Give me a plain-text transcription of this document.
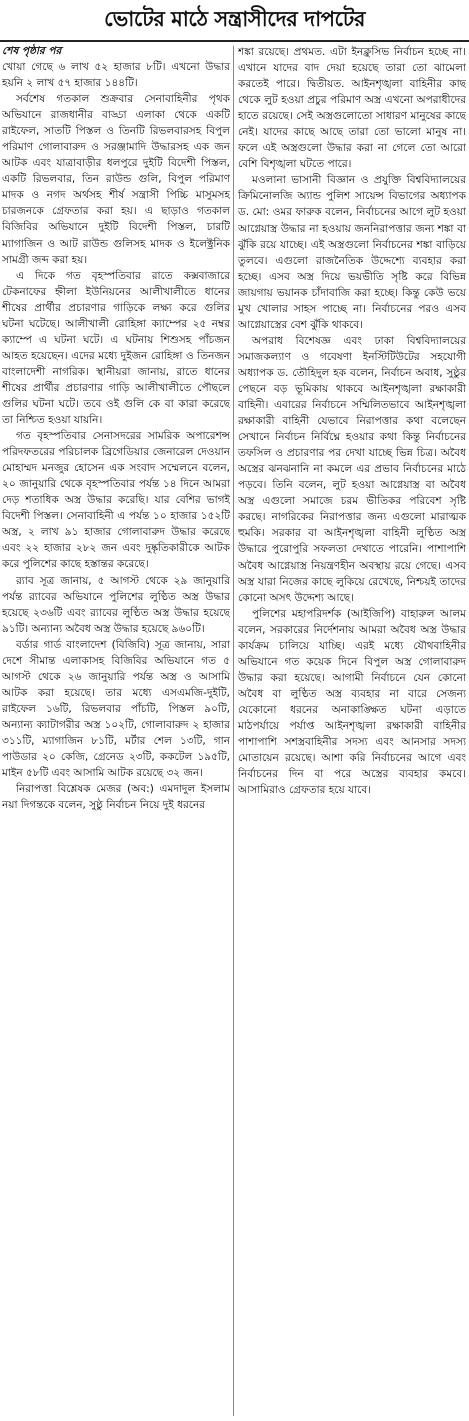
ভোটের মাঠে সন্ত্রাসীদের দাপটের
শেষ পৃষ্ঠার পর

খোয়া গেছে ৬ লাখ ৫২ হাজার ৮টি। এখনো উদ্ধার হয়নি ২ লাখ ৫৭ হাজার ১৪৪টি।

সর্বশেষ গতকাল শুক্রবার সেনাবাহিনীর পৃথক অভিযানে রাজধানীর বাড্ডা এলাকা থেকে একটি রাইফেল, সাতটি পিস্তল ও তিনটি রিভলবারসহ বিপুল পরিমাণ গোলাবারুদ ও সরঞ্জামাদি উদ্ধারসহ এক জন আটক এবং যাত্রাবাড়ীর ধলপুরে দুইটি বিদেশী পিস্তল, একটি রিভলবার, তিন রাউন্ড গুলি, বিপুল পরিমাণ মাদক ও নগদ অর্থসহ শীর্ষ সন্ত্রাসী পিচ্চি মাসুমসহ চারজনকে গ্রেফতার করা হয়। এ ছাড়াও গতকাল বিজিবির অভিযানে দুইটি বিদেশী পিস্তল, চারটি ম্যাগাজিন ও আট রাউন্ড গুলিসহ মাদক ও ইলেক্ট্রনিক সামগ্রী জব্দ করা হয়।

এ দিকে গত বৃহস্পতিবার রাতে কক্সবাজারে টেকনাফের হ্নীলা ইউনিয়নের আলীখালীতে ধানের শীষের প্রার্থীর প্রচারণার গাড়িকে লক্ষ্য করে গুলির ঘটনা ঘটেছে। আলীখালী রোহিঙ্গা ক্যাম্পের ২৫ নম্বর ক্যাম্পে এ ঘটনা ঘটে। এ ঘটনায় শিশুসহ পাঁচজন আহত হয়েছেন। এদের মধ্যে দুইজন রোহিঙ্গা ও তিনজন বাংলাদেশী নাগরিক। স্থানীয়রা জানায়, রাতে ধানের শীষের প্রার্থীর প্রচারণার গাড়ি আলীখালীতে পৌছলে গুলির ঘটনা ঘটে। তবে ওই গুলি কে বা কারা করেছে তা নিশ্চিত হওয়া যায়নি।

গত বৃহস্পতিবার সেনাসদরের সামরিক অপারেশন্স পরিদফতরের পরিচালক ব্রিগেডিয়ার জেনারেল দেওয়ান মোহাম্মদ মনজুর হোসেন এক সংবাদ সম্মেলনে বলেন, ২০ জানুয়ারি থেকে বৃহস্পতিবার পর্যন্ত ১৪ দিনে আমরা দেড় শতাধিক অস্ত্র উদ্ধার করেছি। যার বেশির ভাগই বিদেশী পিস্তল। সেনাবাহিনী এ পর্যন্ত ১০ হাজার ১৫২টি অস্ত্র, ২ লাখ ৯১ হাজার গোলাবারুদ উদ্ধার করেছে এবং ২২ হাজার ২৮২ জন এবং দুষ্কৃতিকারীকে আটক করে পুলিশের কাছে হস্তান্তর করেছে।

র‍্যাব সূত্র জানায়, ৫ আগস্ট থেকে ২৯ জানুয়ারি পর্যন্ত র‍্যাবের অভিযানে পুলিশের লুণ্ঠিত অস্ত্র উদ্ধার হয়েছে ২৩৬টি এবং র‍্যাবের লুণ্ঠিত অস্ত্র উদ্ধার হয়েছে ৯১টি। অন্যান্য অবৈধ অস্ত্র উদ্ধার হয়েছে ৯৬০টি।

বর্ডার গার্ড বাংলাদেশ (বিজিবি) সূত্র জানায়, সারা দেশে সীমান্ত এলাকাসহ বিজিবির অভিযানে গত ৫ আগস্ট থেকে ২৬ জানুয়ারি পর্যন্ত অস্ত্র ও আসামি আটক করা হয়েছে। তার মধ্যে এসএমজি-দুইটি, রাইফেল ১৬টি, রিভলবার পাঁচটি, পিস্তল ৯০টি, অন্যান্য ক্যাটাগরীর অস্ত্র ১০২টি, গোলাবারুদ ২ হাজার ৩১১টি, ম্যাগাজিন ৮১টি, মর্টার শেল ১৩টি, গান পাউডার ২০ কেজি, গ্রেনেড ২৩টি, ককটেল ১৯৫টি, মাইন ৫৮টি এবং আসামি আটক রয়েছে ৩২ জন।

নিরাপত্তা বিশ্লেষক মেজর (অব:) এমদাদুল ইসলাম নয়া দিগন্তকে বলেন, সুষ্ঠু নির্বাচন নিয়ে দুই ধরনের

শঙ্কা রয়েছে। প্রথমত. এটা ইনক্লুসিভ নির্বাচন হচ্ছে না। এখানে যাদের বাদ দেয়া হয়েছে তারা তো ঝামেলা করতেই পারে। দ্বিতীয়ত. আইনশৃঙ্খলা বাহিনীর কাছ থেকে লুট হওয়া প্রচুর পরিমাণ অস্ত্র এখনো অপরাধীদের হাতে রয়েছে। সেই অস্ত্রগুলোতো সাধারণ মানুষের কাছে নেই। যাদের কাছে আছে তারা তো ভালো মানুষ না। ফলে এই অস্ত্রগুলো উদ্ধার করা না গেলে তো আরো বেশি বিশৃঙ্খলা ঘটতে পারে।

মওলানা ভাসানী বিজ্ঞান ও প্রযুক্তি বিশ্ববিদ্যালয়ের ক্রিমিনোলজি অ্যান্ড পুলিশ সায়েন্স বিভাগের অধ্যাপক ড. মো: ওমর ফারুক বলেন, নির্বাচনের আগে লুট হওয়া আগ্নেয়াস্ত্র উদ্ধার না হওয়ায় জননিরাপত্তার জন্য শঙ্কা বা ঝুঁকি রয়ে যাচ্ছে। এই অস্ত্রগুলো নির্বাচনের শঙ্কা বাড়িয়ে তুলবে। এগুলো রাজনৈতিক উদ্দেশ্যে ব্যবহার করা হচ্ছে। এসব অস্ত্র দিয়ে ভয়ভীতি সৃষ্টি করে বিভিন্ন জায়গায় ভয়ানক চাঁদাবাজি করা হচ্ছে। কিন্তু কেউ ভয়ে মুখ খোলার সাহস পাচ্ছে না। নির্বাচনের পরও এসব আগ্নেয়াস্ত্রের বেশ ঝুঁকি থাকবে।

অপরাধ বিশেষজ্ঞ এবং ঢাকা বিশ্ববিদ্যালয়ের সমাজকল্যাণ ও গবেষণা ইনস্টিটিউটের সহযোগী অধ্যাপক ড. তৌহিদুল হক বলেন, নির্বাচন অবাধ, সুষ্ঠুর পেছনে বড় ভূমিকায় থাকবে আইনশৃঙ্খলা রক্ষাকারী বাহিনী। এবারের নির্বাচনে সম্মিলিতভাবে আইনশৃঙ্খলা রক্ষাকারী বাহিনী যেভাবে নিরাপত্তার কথা বলেছেন সেখানে নির্বাচন নির্বিঘ্নে হওয়ার কথা কিন্তু নির্বাচনের তফসিল ও প্রচারণার পর দেখা যাচ্ছে ভিন্ন চিত্র। অবৈধ অস্ত্রের ঝনঝনানি না কমলে এর প্রভাব নির্বাচনের মাঠে পড়বে। তিনি বলেন, লুট হওয়া আগ্নেয়াস্ত্র বা অবৈধ অস্ত্র এগুলো সমাজে চরম ভীতিকর পরিবেশ সৃষ্টি করছে। নাগরিকের নিরাপত্তার জন্য এগুলো মারাত্মক হুমকি। সরকার বা আইনশৃঙ্খলা বাহিনী লুণ্ঠিত অস্ত্র উদ্ধারে পুরোপুরি সফলতা দেখাতে পারেনি। পাশাপাশি অবৈধ আগ্নেয়াস্ত্র নিয়ন্ত্রণহীন অবস্থায় রয়ে গেছে। এসব অস্ত্র যারা নিজের কাছে লুকিয়ে রেখেছে, নিশ্চয়ই তাদের কোনো অসৎ উদ্দেশ্য আছে।

পুলিশের মহাপরিদর্শক (আইজিপি) বাহারুল আলম বলেন, সরকারের নির্দেশনায় আমরা অবৈধ অস্ত্র উদ্ধার কার্যক্রম চালিয়ে যাচ্ছি। এরই মধ্যে যৌথবাহিনীর অভিযানে গত কয়েক দিনে বিপুল অস্ত্র গোলাবারুদ উদ্ধার করা হয়েছে। আগামী নির্বাচনে যেন কোনো অবৈধ বা লুণ্ঠিত অস্ত্র ব্যবহার না বারে সেজন্য যেকোনো ধরনের অনাকাঙ্ক্ষিত ঘটনা এড়াতে মাঠপর্যায়ে পর্যাপ্ত আইনশৃঙ্খলা রক্ষাকারী বাহিনীর পাশাপাশি সশস্ত্রবাহিনীর সদস্য এবং আনসার সদস্য মোতায়েন রয়েছে। আশা করি নির্বাচনের আগে এবং নির্বাচনের দিন বা পরে অস্ত্রের ব্যবহার কমবে। আসামিরাও গ্রেফতার হয়ে যাবে।
